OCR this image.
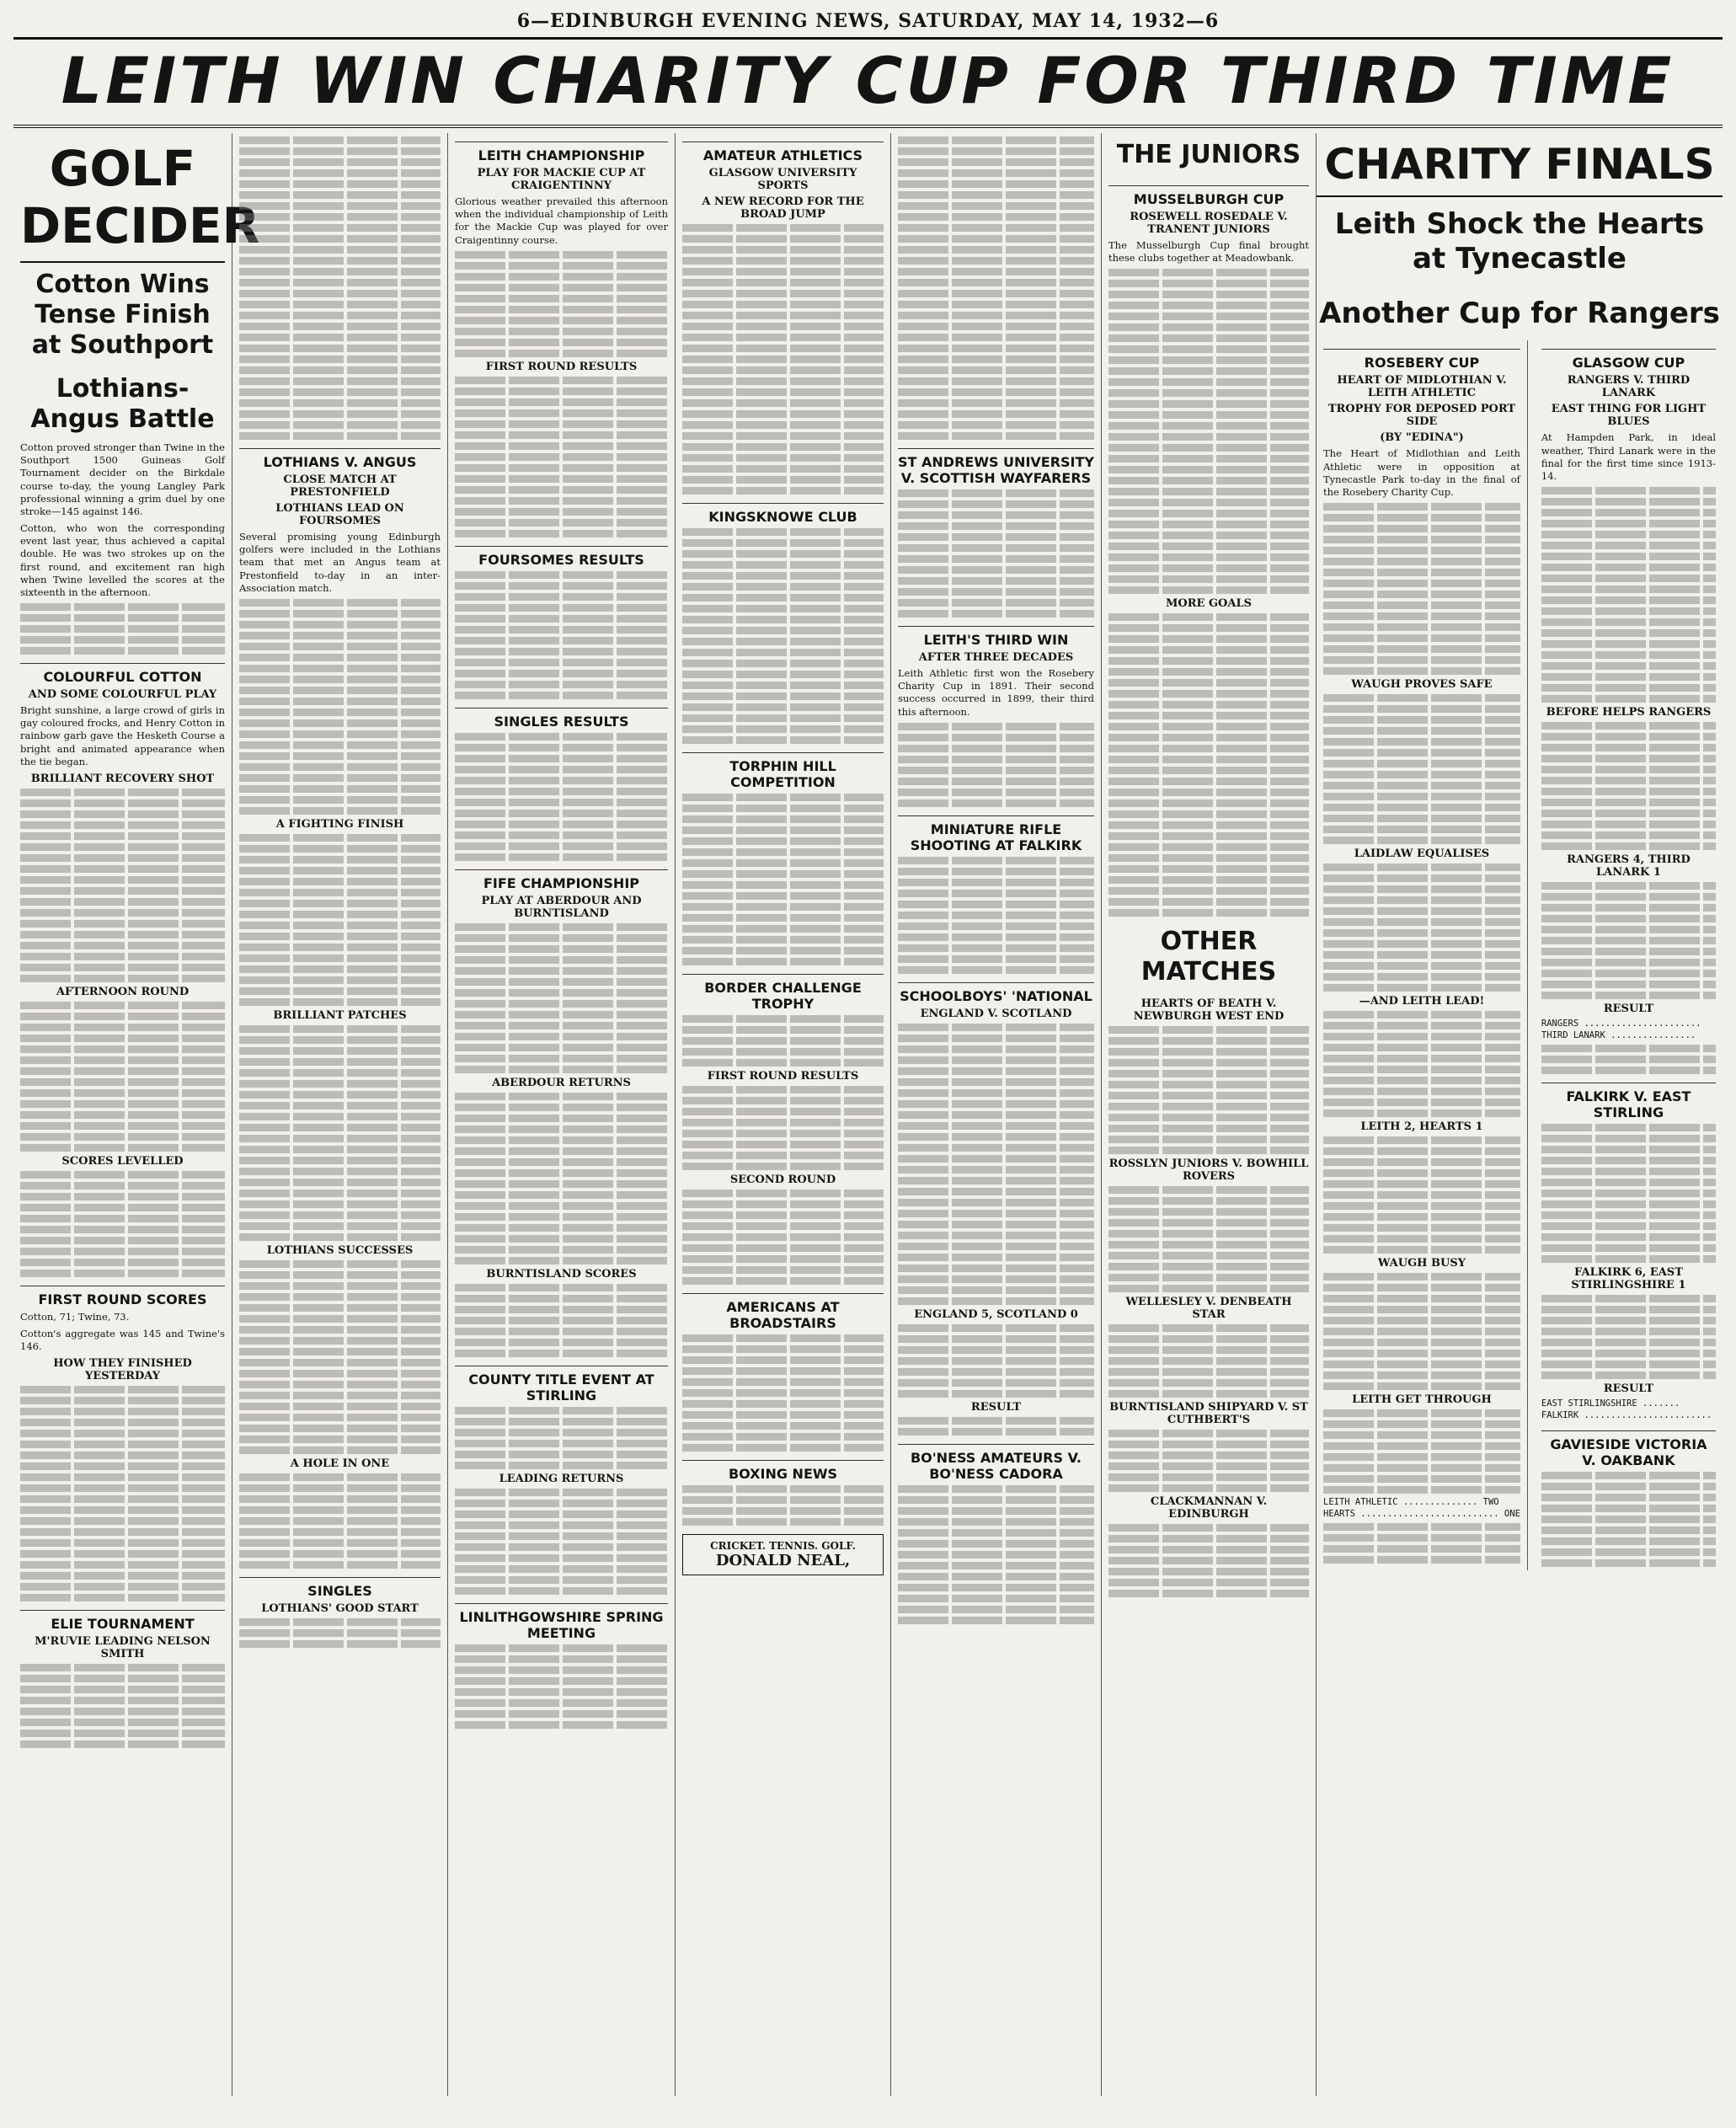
6—EDINBURGH EVENING NEWS, SATURDAY, MAY 14, 1932—6
LEITH WIN CHARITY CUP FOR THIRD TIME
GOLF DECIDER
Cotton Wins Tense Finish at Southport
Lothians-Angus Battle

Cotton proved stronger than Twine in the Southport 1500 Guineas Golf Tournament decider on the Birkdale course to-day, the young Langley Park professional winning a grim duel by one stroke—145 against 146.

Cotton, who won the corresponding event last year, thus achieved a capital double. He was two strokes up on the first round, and excitement ran high when Twine levelled the scores at the sixteenth in the afternoon.

COLOURFUL COTTON
AND SOME COLOURFUL PLAY

Bright sunshine, a large crowd of girls in gay coloured frocks, and Henry Cotton in rainbow garb gave the Hesketh Course a bright and animated appearance when the tie began.

BRILLIANT RECOVERY SHOT
AFTERNOON ROUND
SCORES LEVELLED
FIRST ROUND SCORES

Cotton, 71; Twine, 73.

Cotton's aggregate was 145 and Twine's 146.

HOW THEY FINISHED YESTERDAY
ELIE TOURNAMENT
M'RUVIE LEADING NELSON SMITH
LOTHIANS V. ANGUS
CLOSE MATCH AT PRESTONFIELD
LOTHIANS LEAD ON FOURSOMES

Several promising young Edinburgh golfers were included in the Lothians team that met an Angus team at Prestonfield to-day in an inter-Association match.

A FIGHTING FINISH
BRILLIANT PATCHES
LOTHIANS SUCCESSES
A HOLE IN ONE
SINGLES
LOTHIANS' GOOD START
LEITH CHAMPIONSHIP
PLAY FOR MACKIE CUP AT CRAIGENTINNY

Glorious weather prevailed this afternoon when the individual championship of Leith for the Mackie Cup was played for over Craigentinny course.

FIRST ROUND RESULTS
FOURSOMES RESULTS
SINGLES RESULTS
FIFE CHAMPIONSHIP
PLAY AT ABERDOUR AND BURNTISLAND
ABERDOUR RETURNS
BURNTISLAND SCORES
COUNTY TITLE EVENT AT STIRLING
LEADING RETURNS
LINLITHGOWSHIRE SPRING MEETING
AMATEUR ATHLETICS
GLASGOW UNIVERSITY SPORTS
A NEW RECORD FOR THE BROAD JUMP
KINGSKNOWE CLUB
TORPHIN HILL COMPETITION
BORDER CHALLENGE TROPHY
FIRST ROUND RESULTS
SECOND ROUND
AMERICANS AT BROADSTAIRS
BOXING NEWS
CRICKET. TENNIS. GOLF.
DONALD NEAL,
ST ANDREWS UNIVERSITY V. SCOTTISH WAYFARERS
LEITH'S THIRD WIN
AFTER THREE DECADES

Leith Athletic first won the Rosebery Charity Cup in 1891. Their second success occurred in 1899, their third this afternoon.

MINIATURE RIFLE SHOOTING AT FALKIRK
SCHOOLBOYS' 'NATIONAL
ENGLAND V. SCOTLAND
ENGLAND 5, SCOTLAND 0
RESULT
BO'NESS AMATEURS V. BO'NESS CADORA
THE JUNIORS
MUSSELBURGH CUP
ROSEWELL ROSEDALE V. TRANENT JUNIORS

The Musselburgh Cup final brought these clubs together at Meadowbank.

MORE GOALS
OTHER MATCHES
HEARTS OF BEATH V. NEWBURGH WEST END
ROSSLYN JUNIORS V. BOWHILL ROVERS
WELLESLEY V. DENBEATH STAR
BURNTISLAND SHIPYARD V. ST CUTHBERT'S
CLACKMANNAN V. EDINBURGH
CHARITY FINALS
Leith Shock the Hearts at Tynecastle
Another Cup for Rangers
ROSEBERY CUP
HEART OF MIDLOTHIAN V. LEITH ATHLETIC
TROPHY FOR DEPOSED PORT SIDE
(BY "EDINA")

The Heart of Midlothian and Leith Athletic were in opposition at Tynecastle Park to-day in the final of the Rosebery Charity Cup.

WAUGH PROVES SAFE
LAIDLAW EQUALISES
—AND LEITH LEAD!
LEITH 2, HEARTS 1
WAUGH BUSY
LEITH GET THROUGH
LEITH ATHLETIC .............. TWO
HEARTS .......................... ONE
GLASGOW CUP
RANGERS V. THIRD LANARK
EAST THING FOR LIGHT BLUES

At Hampden Park, in ideal weather, Third Lanark were in the final for the first time since 1913-14.

BEFORE HELPS RANGERS
RANGERS 4, THIRD LANARK 1
RESULT
RANGERS ......................
THIRD LANARK ................
FALKIRK V. EAST STIRLING
FALKIRK 6, EAST STIRLINGSHIRE 1
RESULT
EAST STIRLINGSHIRE .......
FALKIRK ........................
GAVIESIDE VICTORIA V. OAKBANK
